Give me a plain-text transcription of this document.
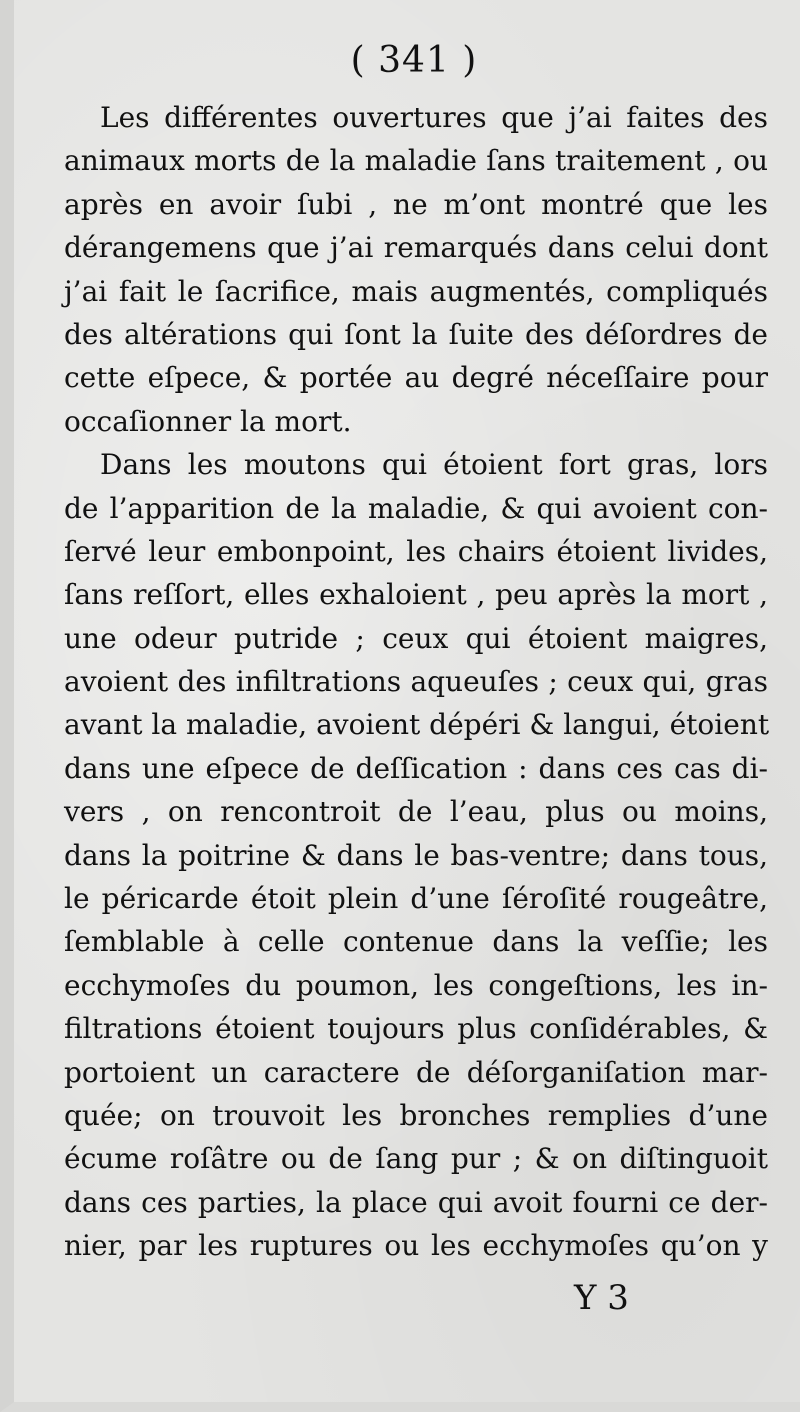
( 341 )
Les différentes ouvertures que j’ai faites des
animaux morts de la maladie ſans traitement , ou
après en avoir ſubi , ne m’ont montré que les
dérangemens que j’ai remarqués dans celui dont
j’ai fait le ſacrifice, mais augmentés, compliqués
des altérations qui ſont la ſuite des déſordres de
cette eſpece, & portée au degré néceſſaire pour
occaſionner la mort.
Dans les moutons qui étoient fort gras, lors
de l’apparition de la maladie, & qui avoient con-
ſervé leur embonpoint, les chairs étoient livides,
ſans reſſort, elles exhaloient , peu après la mort ,
une odeur putride ; ceux qui étoient maigres,
avoient des infiltrations aqueuſes ; ceux qui, gras
avant la maladie, avoient dépéri & langui, étoient
dans une eſpece de deſſication : dans ces cas di-
vers , on rencontroit de l’eau, plus ou moins,
dans la poitrine & dans le bas-ventre; dans tous,
le péricarde étoit plein d’une ſéroſité rougeâtre,
ſemblable à celle contenue dans la veſſie; les
ecchymoſes du poumon, les congeſtions, les in-
filtrations étoient toujours plus conſidérables, &
portoient un caractere de déſorganiſation mar-
quée; on trouvoit les bronches remplies d’une
écume roſâtre ou de ſang pur ; & on diſtinguoit
dans ces parties, la place qui avoit fourni ce der-
nier, par les ruptures ou les ecchymoſes qu’on y
Y 3
